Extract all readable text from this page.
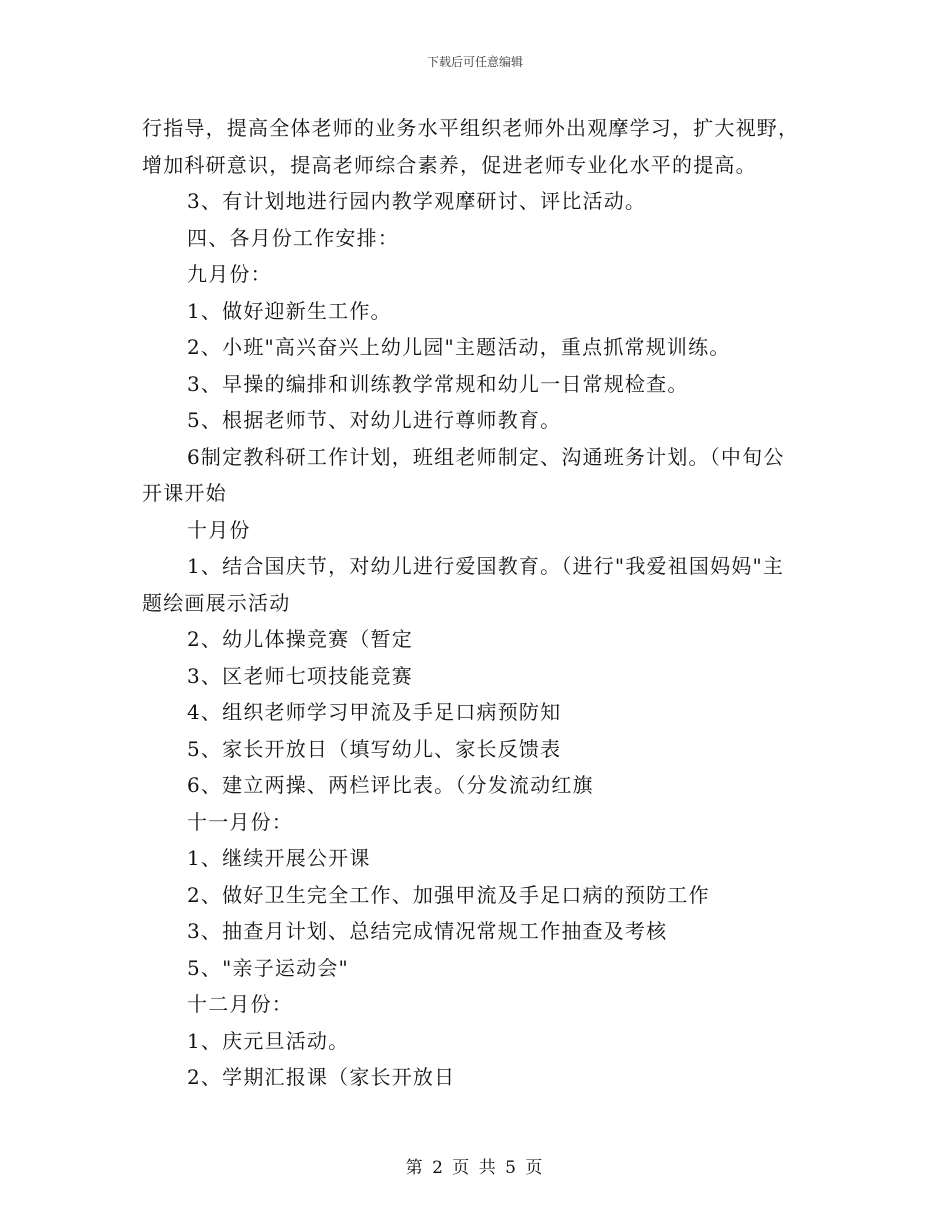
下载后可任意编辑
行指导，提高全体老师的业务水平组织老师外出观摩学习，扩大视野，
增加科研意识，提高老师综合素养，促进老师专业化水平的提高。
3、有计划地进行园内教学观摩研讨、评比活动。
四、各月份工作安排：
九月份：
1、做好迎新生工作。
2、小班"高兴奋兴上幼儿园"主题活动，重点抓常规训练。
3、早操的编排和训练教学常规和幼儿一日常规检查。
5、根据老师节、对幼儿进行尊师教育。
6制定教科研工作计划，班组老师制定、沟通班务计划。（中旬公
开课开始
十月份
1、结合国庆节，对幼儿进行爱国教育。（进行"我爱祖国妈妈"主
题绘画展示活动
2、幼儿体操竞赛（暂定
3、区老师七项技能竞赛
4、组织老师学习甲流及手足口病预防知
5、家长开放日（填写幼儿、家长反馈表
6、建立两操、两栏评比表。（分发流动红旗
十一月份：
1、继续开展公开课
2、做好卫生完全工作、加强甲流及手足口病的预防工作
3、抽查月计划、总结完成情况常规工作抽查及考核
5、"亲子运动会"
十二月份：
1、庆元旦活动。
2、学期汇报课（家长开放日
第 2 页 共 5 页
